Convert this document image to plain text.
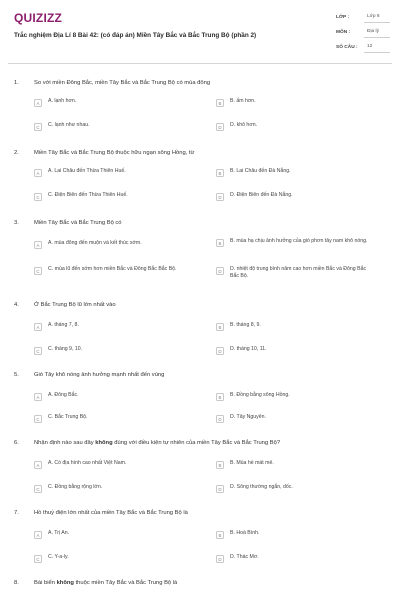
QUIZIZZ
Trắc nghiệm Địa Lí 8 Bài 42: (có đáp án) Miền Tây Bắc và Bắc Trung Bộ (phần 2)
LỚP :	Lớp 8
MÔN :	Địa lý
SỐ CÂU :	12
1.	So với miền Đông Bắc, miền Tây Bắc và Bắc Trung Bộ có mùa đông
A	A. lạnh hơn.	B	B. ấm hơn.
C	C. lạnh như nhau.	D	D. khô hơn.
2.	Miền Tây Bắc và Bắc Trung Bộ thuộc hữu ngạn sông Hồng, từ
A	A. Lai Châu đến Thừa Thiên Huế.	B	B. Lai Châu đến Đà Nẵng.
C	C. Điện Biên đến Thừa Thiên Huế.	D	D. Điện Biên đến Đà Nẵng.
3.	Miền Tây Bắc và Bắc Trung Bộ có
A	A. mùa đông đến muộn và kết thúc sớm.	B	B. mùa hạ chịu ảnh hưởng của gió phơn tây nam khô nóng.
C	C. mùa lũ đến sớm hơn miền Bắc và Đông Bắc Bắc Bộ.	D	D. nhiệt độ trung bình năm cao hơn miền Bắc và Đông Bắc Bắc Bộ.
4.	Ở Bắc Trung Bộ lũ lớn nhất vào
A	A. tháng 7, 8.	B	B. tháng 8, 9.
C	C. tháng 9, 10.	D	D. tháng 10, 11.
5.	Gió Tây khô nóng ảnh hưởng mạnh nhất đến vùng
A	A. Đông Bắc.	B	B. Đồng bằng sông Hồng.
C	C. Bắc Trung Bộ.	D	D. Tây Nguyên.
6.	Nhận định nào sau đây không đúng với điều kiện tự nhiên của miền Tây Bắc và Bắc Trung Bộ?
A	A. Có địa hình cao nhất Việt Nam.	B	B. Mùa hè mát mẻ.
C	C. Đồng bằng rộng lớn.	D	D. Sông thường ngắn, dốc.
7.	Hồ thuỷ điện lớn nhất của miền Tây Bắc và Bắc Trung Bộ là
A	A. Trị An.	B	B. Hoà Bình.
C	C. Y-a-ly.	D	D. Thác Mơ.
8.	Bài biển không thuộc miền Tây Bắc và Bắc Trung Bộ là
